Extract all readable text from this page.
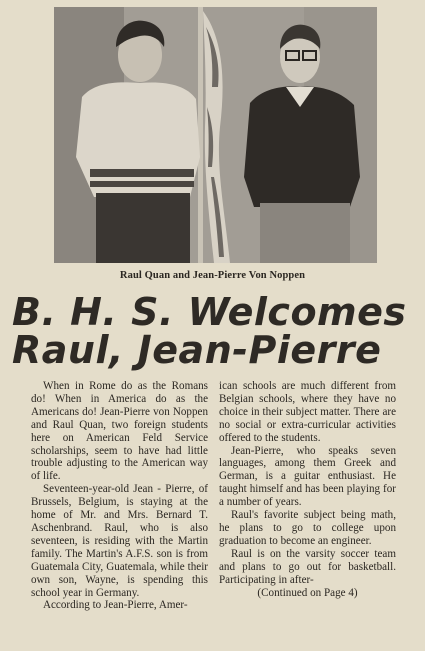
Raul Quan and Jean-Pierre Von Noppen
B. H. S. Welcomes
Raul, Jean-Pierre

When in Rome do as the Romans do! When in America do as the Americans do! Jean-Pierre von Noppen and Raul Quan, two foreign students here on American Feld Service scholarships, seem to have had little trouble adjusting to the American way of life.

Seventeen-year-old Jean - Pierre, of Brussels, Belgium, is staying at the home of Mr. and Mrs. Bernard T. Aschenbrand. Raul, who is also seventeen, is residing with the Martin family. The Martin's A.F.S. son is from Guatemala City, Guatemala, while their own son, Wayne, is spending this school year in Germany.

According to Jean-Pierre, Amer-

ican schools are much different from Belgian schools, where they have no choice in their subject matter. There are no social or extra-curricular activities offered to the students.

Jean-Pierre, who speaks seven languages, among them Greek and German, is a guitar enthusiast. He taught himself and has been playing for a number of years.

Raul's favorite subject being math, he plans to go to college upon graduation to become an engineer.

Raul is on the varsity soccer team and plans to go out for basketball. Participating in after-

(Continued on Page 4)
